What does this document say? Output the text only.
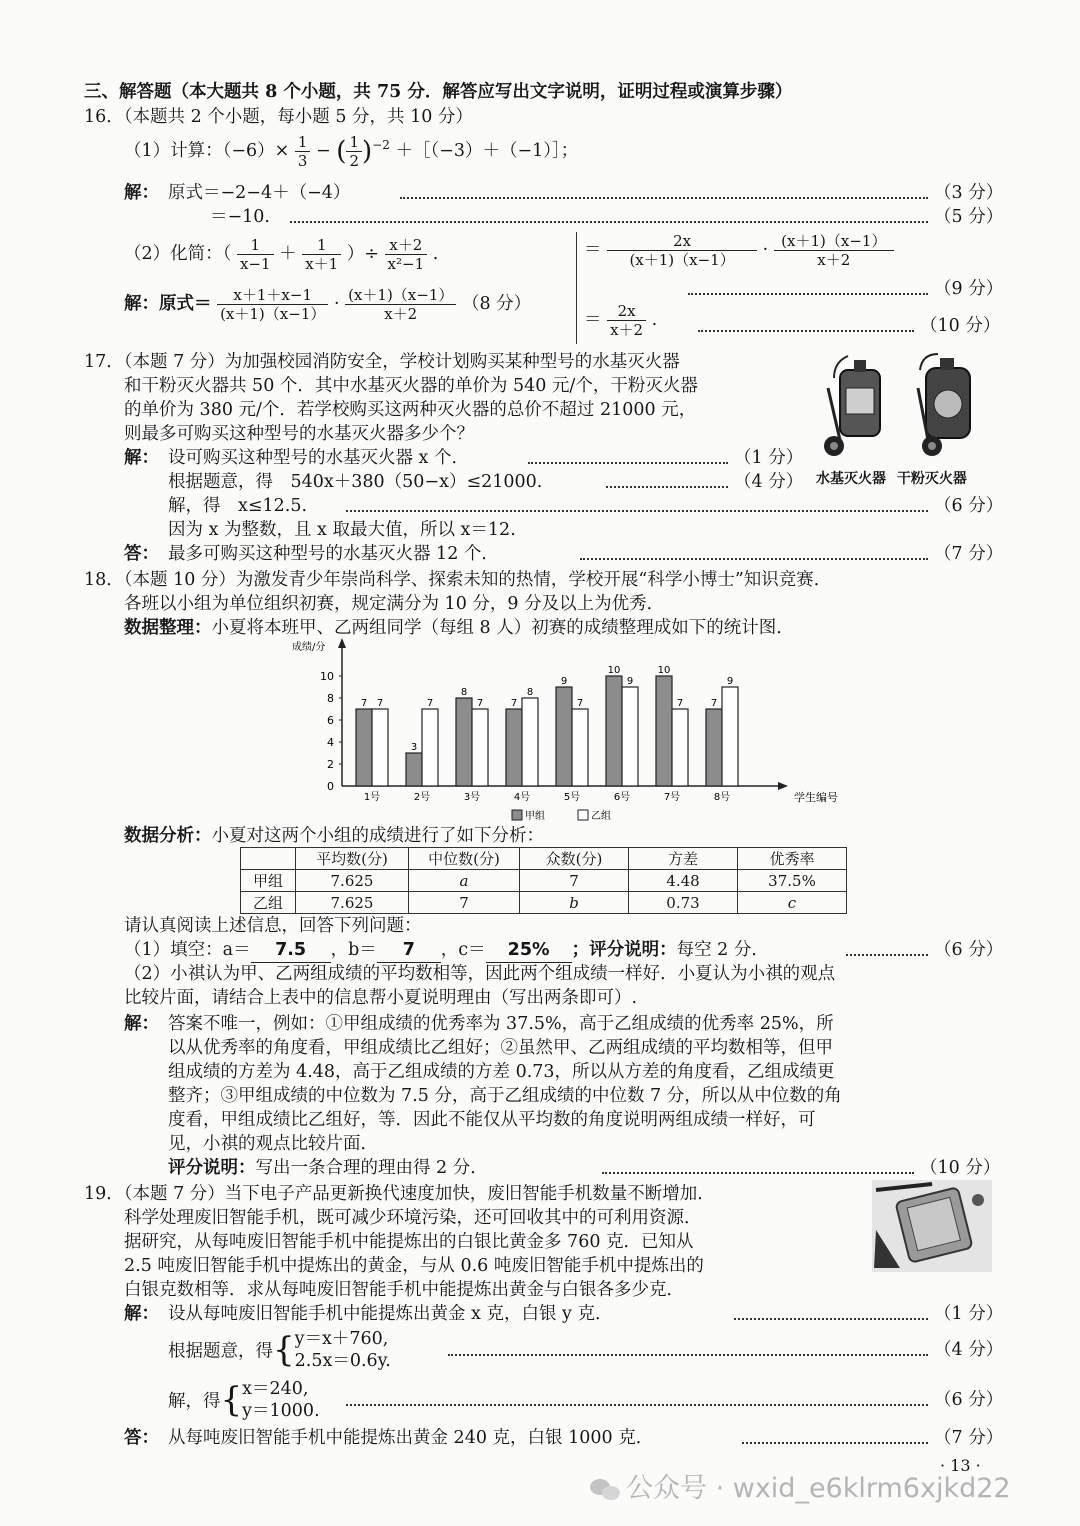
三、解答题（本大题共 8 个小题，共 75 分．解答应写出文字说明，证明过程或演算步骤）
16．（本题共 2 个小题，每小题 5 分，共 10 分）
（1）计算：$(-6)\times \frac{1}{3}$ − ( $\frac{1}{2} )^{-2}$ ＋［（−3）＋（−1）］；
解： 原式＝−2−4＋（−4）	（3 分）
＝−10.	（5 分）
（2）化简：（ $\frac{1}{x-1} + \frac{1}{x+1}$ ）÷ $\frac{x+2}{\text{x²−1}}$ .
解：原式＝ $\frac{x+1+x-1}{(x+1)(x-1)} \cdot \frac{(x+1)(x-1)}{x+2} (8$ 分）
＝ $\frac{2x}{(x+1)(x-1)} \cdot \frac{(x+1)(x-1)}{x+2}$
（9 分）
＝ $\frac{2x}{x+2}$ .	（10 分）
17．（本题 7 分）为加强校园消防安全，学校计划购买某种型号的水基灭火器
和干粉灭火器共 50 个．其中水基灭火器的单价为 540 元/个，干粉灭火器
的单价为 380 元/个．若学校购买这两种灭火器的总价不超过 21000 元，
则最多可购买这种型号的水基灭火器多少个？
水基灭火器 干粉灭火器
解： 设可购买这种型号的水基灭火器 x 个．	（1 分）
根据题意，得　540x＋380（50−x）≤21000.	（4 分）
解，得　x≤12.5.	（6 分）
因为 x 为整数，且 x 取最大值，所以 x＝12.
答： 最多可购买这种型号的水基灭火器 12 个．	（7 分）
18．（本题 10 分）为激发青少年崇尚科学、探索未知的热情，学校开展“科学小博士”知识竞赛．
各班以小组为单位组织初赛，规定满分为 10 分，9 分及以上为优秀．
数据整理：小夏将本班甲、乙两组同学（每组 8 人）初赛的成绩整理成如下的统计图．
成绩/分
学生编号
0
2
4
6
8
10
7 7
1号
3
7
2号
8
7
3号
7
8
4号
9
7
5号
10
9
6号
10
7
7号
7
9
8号
甲组	乙组
数据分析：小夏对这两个小组的成绩进行了如下分析：
	平均数(分)	中位数(分)	众数(分)	方差	优秀率
甲组	7.625	a	7	4.48	37.5%
乙组	7.625	7	b	0.73	c
请认真阅读上述信息，回答下列问题：
（1）填空：a＝ 7.5 ，b＝ 7 ，c＝ 25% ；评分说明：每空 2 分．	（6 分）
（2）小祺认为甲、乙两组成绩的平均数相等，因此两个组成绩一样好．小夏认为小祺的观点
比较片面，请结合上表中的信息帮小夏说明理由（写出两条即可）.
解： 答案不唯一，例如：①甲组成绩的优秀率为 37.5%，高于乙组成绩的优秀率 25%，所
以从优秀率的角度看，甲组成绩比乙组好；②虽然甲、乙两组成绩的平均数相等，但甲
组成绩的方差为 4.48，高于乙组成绩的方差 0.73，所以从方差的角度看，乙组成绩更
整齐；③甲组成绩的中位数为 7.5 分，高于乙组成绩的中位数 7 分，所以从中位数的角
度看，甲组成绩比乙组好，等．因此不能仅从平均数的角度说明两组成绩一样好，可
见，小祺的观点比较片面．
评分说明：写出一条合理的理由得 2 分．	（10 分）
19．（本题 7 分）当下电子产品更新换代速度加快，废旧智能手机数量不断增加．
科学处理废旧智能手机，既可减少环境污染，还可回收其中的可利用资源．
据研究，从每吨废旧智能手机中能提炼出的白银比黄金多 760 克．已知从
2.5 吨废旧智能手机中提炼出的黄金，与从 0.6 吨废旧智能手机中提炼出的
白银克数相等．求从每吨废旧智能手机中能提炼出黄金与白银各多少克．
解： 设从每吨废旧智能手机中能提炼出黄金 x 克，白银 y 克．	（1 分）
根据题意，得{ y＝x＋760,
2.5x＝0.6y.
（4 分）
解，得{ x＝240,
y＝1000.
（6 分）
答： 从每吨废旧智能手机中能提炼出黄金 240 克，白银 1000 克．	（7 分）
· 13 ·
公众号 · wxid_e6klrm6xjkd22
